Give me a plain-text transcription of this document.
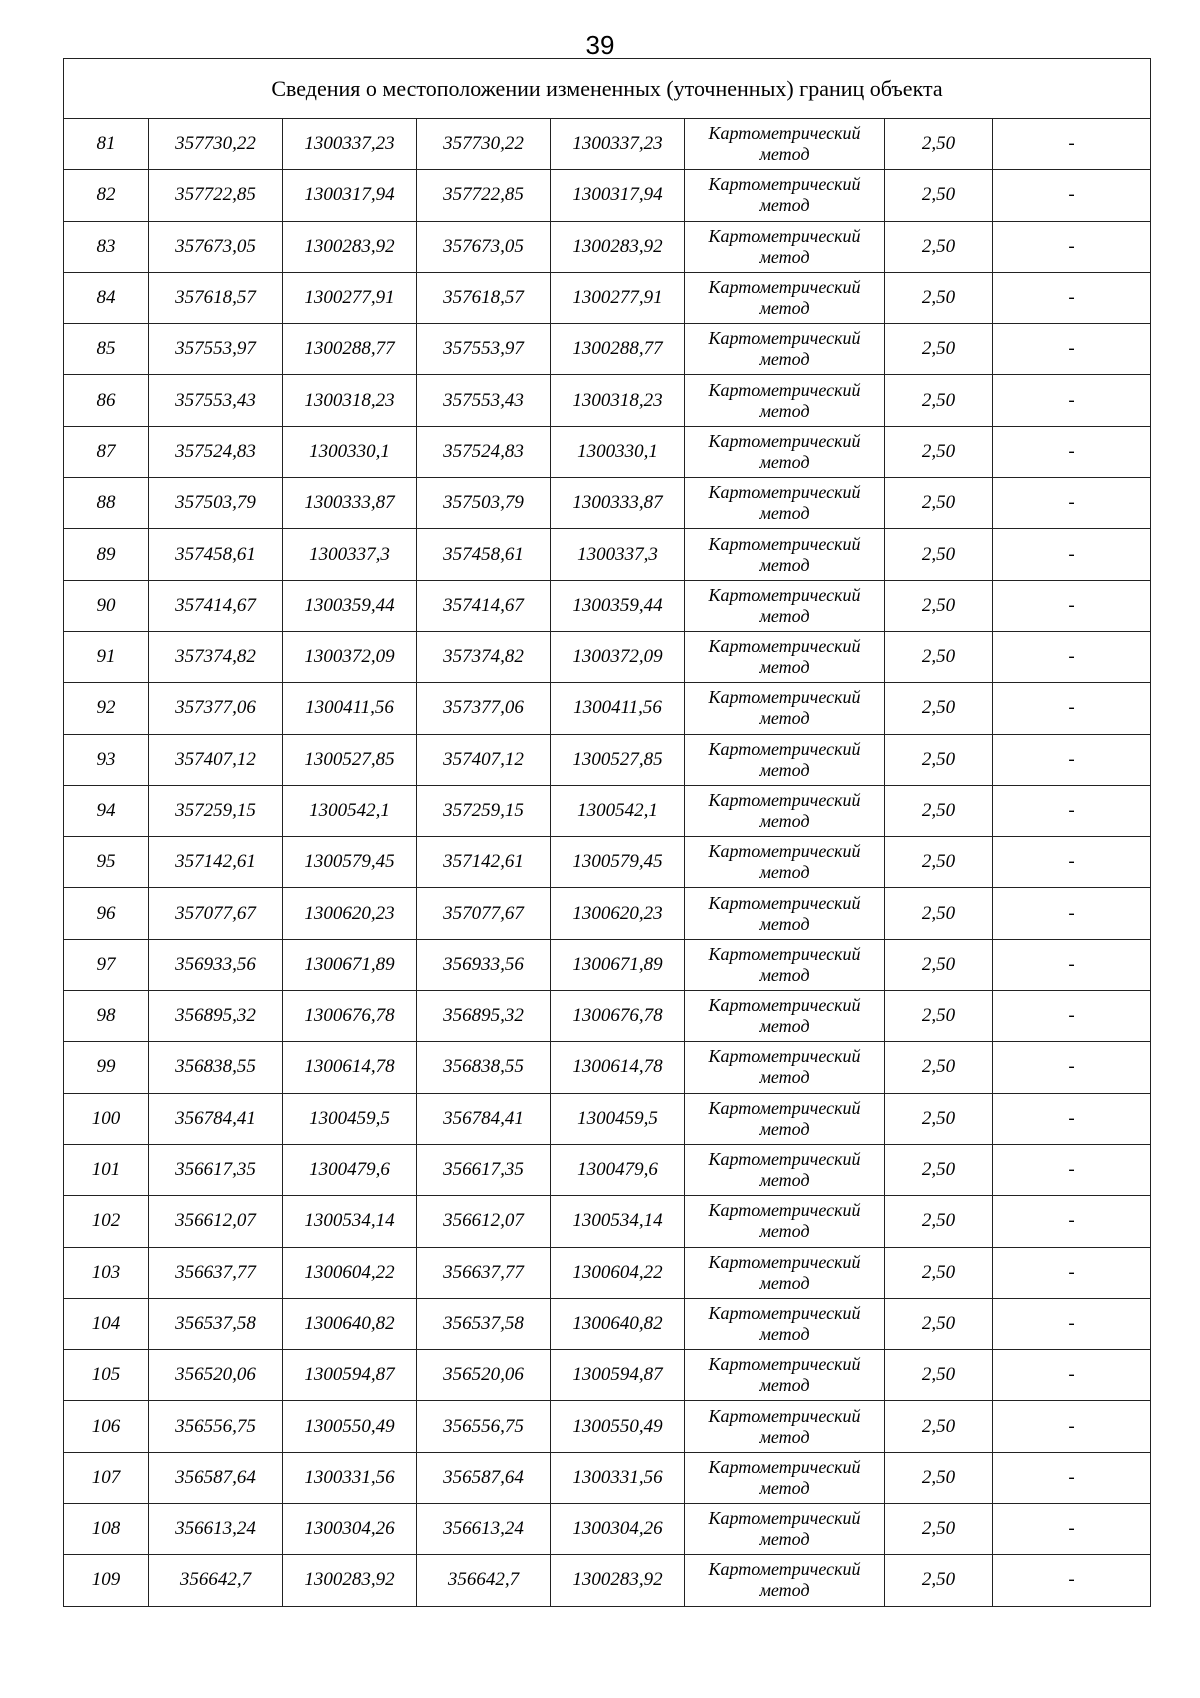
39
Сведения о местоположении измененных (уточненных) границ объекта							
81	357730,22	1300337,23	357730,22	1300337,23	Картометрический метод	2,50	-
82	357722,85	1300317,94	357722,85	1300317,94	Картометрический метод	2,50	-
83	357673,05	1300283,92	357673,05	1300283,92	Картометрический метод	2,50	-
84	357618,57	1300277,91	357618,57	1300277,91	Картометрический метод	2,50	-
85	357553,97	1300288,77	357553,97	1300288,77	Картометрический метод	2,50	-
86	357553,43	1300318,23	357553,43	1300318,23	Картометрический метод	2,50	-
87	357524,83	1300330,1	357524,83	1300330,1	Картометрический метод	2,50	-
88	357503,79	1300333,87	357503,79	1300333,87	Картометрический метод	2,50	-
89	357458,61	1300337,3	357458,61	1300337,3	Картометрический метод	2,50	-
90	357414,67	1300359,44	357414,67	1300359,44	Картометрический метод	2,50	-
91	357374,82	1300372,09	357374,82	1300372,09	Картометрический метод	2,50	-
92	357377,06	1300411,56	357377,06	1300411,56	Картометрический метод	2,50	-
93	357407,12	1300527,85	357407,12	1300527,85	Картометрический метод	2,50	-
94	357259,15	1300542,1	357259,15	1300542,1	Картометрический метод	2,50	-
95	357142,61	1300579,45	357142,61	1300579,45	Картометрический метод	2,50	-
96	357077,67	1300620,23	357077,67	1300620,23	Картометрический метод	2,50	-
97	356933,56	1300671,89	356933,56	1300671,89	Картометрический метод	2,50	-
98	356895,32	1300676,78	356895,32	1300676,78	Картометрический метод	2,50	-
99	356838,55	1300614,78	356838,55	1300614,78	Картометрический метод	2,50	-
100	356784,41	1300459,5	356784,41	1300459,5	Картометрический метод	2,50	-
101	356617,35	1300479,6	356617,35	1300479,6	Картометрический метод	2,50	-
102	356612,07	1300534,14	356612,07	1300534,14	Картометрический метод	2,50	-
103	356637,77	1300604,22	356637,77	1300604,22	Картометрический метод	2,50	-
104	356537,58	1300640,82	356537,58	1300640,82	Картометрический метод	2,50	-
105	356520,06	1300594,87	356520,06	1300594,87	Картометрический метод	2,50	-
106	356556,75	1300550,49	356556,75	1300550,49	Картометрический метод	2,50	-
107	356587,64	1300331,56	356587,64	1300331,56	Картометрический метод	2,50	-
108	356613,24	1300304,26	356613,24	1300304,26	Картометрический метод	2,50	-
109	356642,7	1300283,92	356642,7	1300283,92	Картометрический метод	2,50	-
